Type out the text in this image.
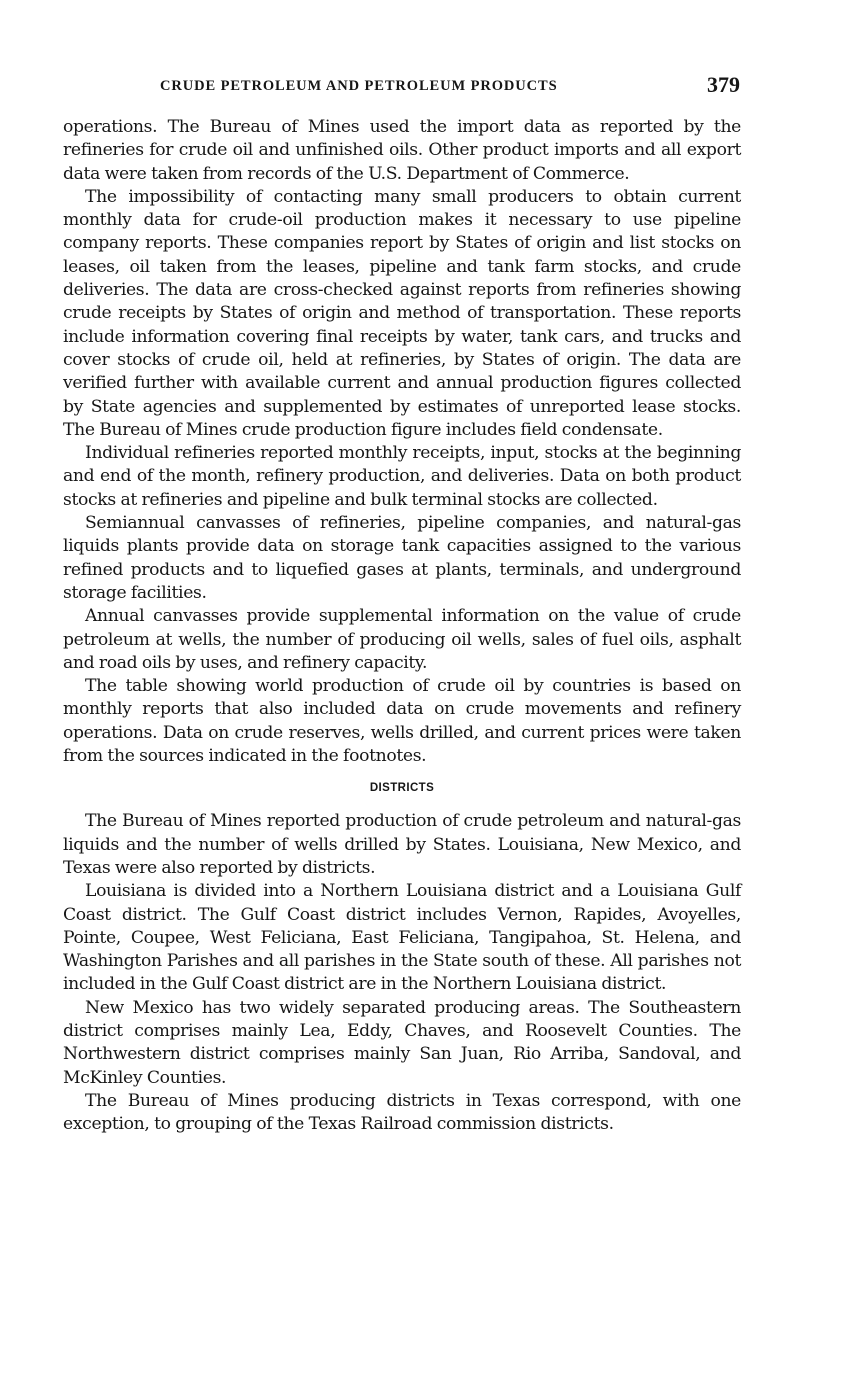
CRUDE PETROLEUM AND PETROLEUM PRODUCTS	379

operations. The Bureau of Mines used the import data as reported by the refineries for crude oil and unfinished oils. Other product imports and all export data were taken from records of the U.S. Department of Commerce.

The impossibility of contacting many small producers to obtain current monthly data for crude-oil production makes it necessary to use pipeline company reports. These companies report by States of origin and list stocks on leases, oil taken from the leases, pipeline and tank farm stocks, and crude deliveries. The data are cross-checked against reports from refineries showing crude receipts by States of origin and method of transportation. These reports include information covering final receipts by water, tank cars, and trucks and cover stocks of crude oil, held at refineries, by States of origin. The data are verified further with available current and annual production figures collected by State agencies and supplemented by estimates of unreported lease stocks. The Bureau of Mines crude production figure includes field condensate.

Individual refineries reported monthly receipts, input, stocks at the beginning and end of the month, refinery production, and deliveries. Data on both product stocks at refineries and pipeline and bulk terminal stocks are collected.

Semiannual canvasses of refineries, pipeline companies, and natural-gas liquids plants provide data on storage tank capacities assigned to the various refined products and to liquefied gases at plants, terminals, and underground storage facilities.

Annual canvasses provide supplemental information on the value of crude petroleum at wells, the number of producing oil wells, sales of fuel oils, asphalt and road oils by uses, and refinery capacity.

The table showing world production of crude oil by countries is based on monthly reports that also included data on crude movements and refinery operations. Data on crude reserves, wells drilled, and current prices were taken from the sources indicated in the footnotes.

DISTRICTS

The Bureau of Mines reported production of crude petroleum and natural-gas liquids and the number of wells drilled by States. Louisiana, New Mexico, and Texas were also reported by districts.

Louisiana is divided into a Northern Louisiana district and a Louisiana Gulf Coast district. The Gulf Coast district includes Vernon, Rapides, Avoyelles, Pointe, Coupee, West Feliciana, East Feliciana, Tangipahoa, St. Helena, and Washington Parishes and all parishes in the State south of these. All parishes not included in the Gulf Coast district are in the Northern Louisiana district.

New Mexico has two widely separated producing areas. The Southeastern district comprises mainly Lea, Eddy, Chaves, and Roosevelt Counties. The Northwestern district comprises mainly San Juan, Rio Arriba, Sandoval, and McKinley Counties.

The Bureau of Mines producing districts in Texas correspond, with one exception, to grouping of the Texas Railroad commission districts.
